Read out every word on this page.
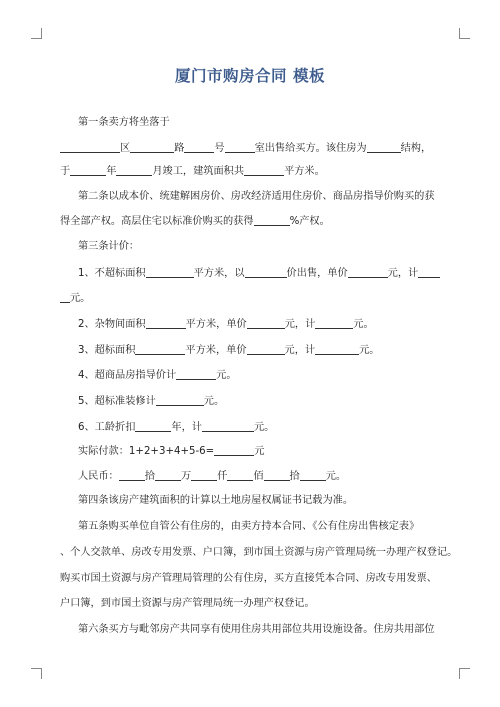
厦门市购房合同 模板
第一条卖方将坐落于
区	路	号	室出售给买方。该住房为	结构，
于	年	月竣工，建筑面积共	平方米。
第二条以成本价、统建解困房价、房改经济适用住房价、商品房指导价购买的获
得全部产权。高层住宅以标准价购买的获得	%产权。
第三条计价：
1、不超标面积	平方米，以	价出售，单价	元，计
元。
2、杂物间面积	平方米，单价	元，计	元。
3、超标面积	平方米，单价	元，计	元。
4、超商品房指导价计	元。
5、超标准装修计	元。
6、工龄折扣	年，计	元。
实际付款：1+2+3+4+5-6=	元
人民币：	拾	万	仟	佰	拾	元。
第四条该房产建筑面积的计算以土地房屋权属证书记载为准。
第五条购买单位自管公有住房的，由卖方持本合同、《公有住房出售核定表》
、个人交款单、房改专用发票、户口簿，到市国土资源与房产管理局统一办理产权登记。
购买市国土资源与房产管理局管理的公有住房，买方直接凭本合同、房改专用发票、
户口簿，到市国土资源与房产管理局统一办理产权登记。
第六条买方与毗邻房产共同享有使用住房共用部位共用设施设备。住房共用部位
